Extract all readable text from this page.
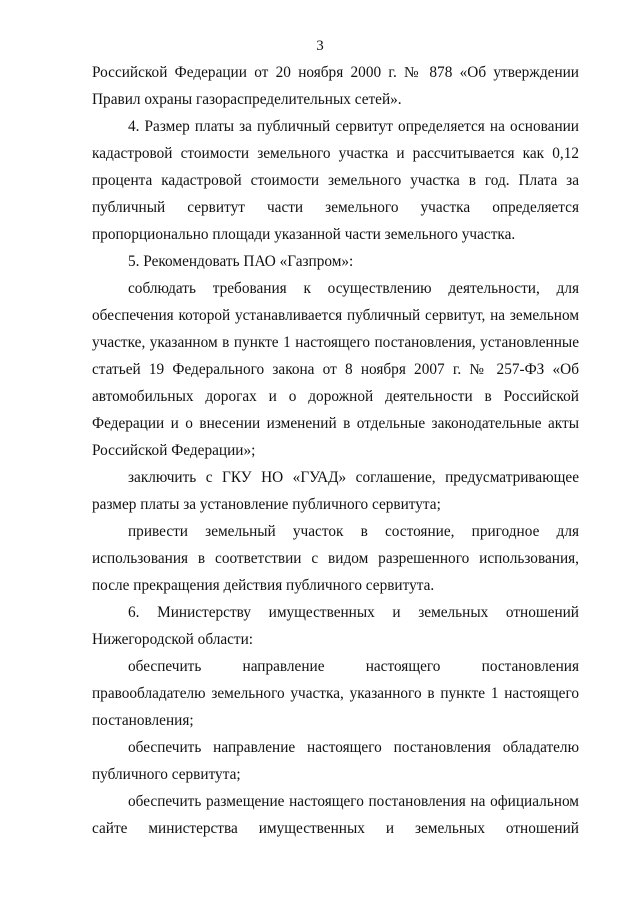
3

Российской Федерации от 20 ноября 2000 г. № 878 «Об утверждении Правил охраны газораспределительных сетей».

4. Размер платы за публичный сервитут определяется на основании кадастровой стоимости земельного участка и рассчитывается как 0,12 процента кадастровой стоимости земельного участка в год. Плата за публичный сервитут части земельного участка определяется пропорционально площади указанной части земельного участка.

5. Рекомендовать ПАО «Газпром»:

соблюдать требования к осуществлению деятельности, для обеспечения которой устанавливается публичный сервитут, на земельном участке, указанном в пункте 1 настоящего постановления, установленные статьей 19 Федерального закона от 8 ноября 2007 г. № 257-ФЗ «Об автомобильных дорогах и о дорожной деятельности в Российской Федерации и о внесении изменений в отдельные законодательные акты Российской Федерации»;

заключить с ГКУ НО «ГУАД» соглашение, предусматривающее размер платы за установление публичного сервитута;

привести земельный участок в состояние, пригодное для использования в соответствии с видом разрешенного использования, после прекращения действия публичного сервитута.

6. Министерству имущественных и земельных отношений Нижегородской области:

обеспечить направление настоящего постановления правообладателю земельного участка, указанного в пункте 1 настоящего постановления;

обеспечить направление настоящего постановления обладателю публичного сервитута;

обеспечить размещение настоящего постановления на официальном сайте министерства имущественных и земельных отношений
